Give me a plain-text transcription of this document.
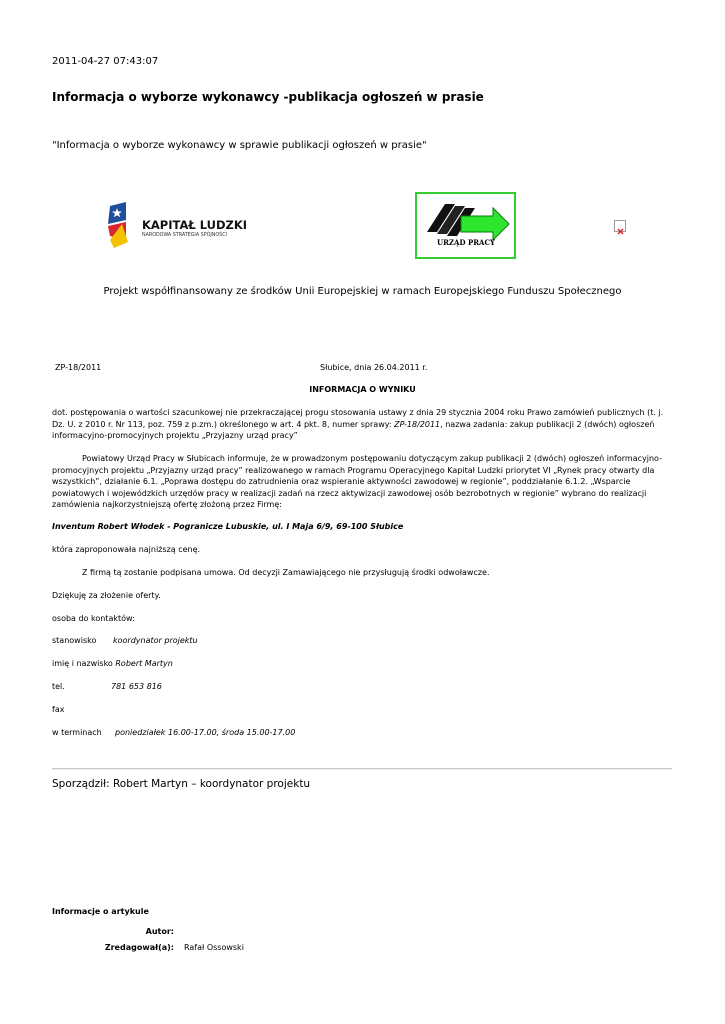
2011-04-27 07:43:07
Informacja o wyborze wykonawcy -publikacja ogłoszeń w prasie
"Informacja o wyborze wykonawcy w sprawie publikacji ogłoszeń w prasie"
KAPITAŁ LUDZKI
NARODOWA STRATEGIA SPÓJNOŚCI
URZĄD PRACY
Projekt współfinansowany ze środków Unii Europejskiej w ramach Europejskiego Funduszu Społecznego
ZP-18/2011	Słubice, dnia 26.04.2011 r.
INFORMACJA O WYNIKU
dot. postępowania o wartości szacunkowej nie przekraczającej progu stosowania ustawy z dnia 29 stycznia 2004 roku Prawo zamówień publicznych (t. j. Dz. U. z 2010 r. Nr 113, poz. 759 z p.zm.) określonego w art. 4 pkt. 8, numer sprawy: ZP-18/2011, nazwa zadania: zakup publikacji 2 (dwóch) ogłoszeń informacyjno-promocyjnych projektu „Przyjazny urząd pracy”
Powiatowy Urząd Pracy w Słubicach informuje, że w prowadzonym postępowaniu dotyczącym zakup publikacji 2 (dwóch) ogłoszeń informacyjno-promocyjnych projektu „Przyjazny urząd pracy” realizowanego w ramach Programu Operacyjnego Kapitał Ludzki priorytet VI „Rynek pracy otwarty dla wszystkich”, działanie 6.1. „Poprawa dostępu do zatrudnienia oraz wspieranie aktywności zawodowej w regionie”, poddziałanie 6.1.2. „Wsparcie powiatowych i wojewódzkich urzędów pracy w realizacji zadań na rzecz aktywizacji zawodowej osób bezrobotnych w regionie” wybrano do realizacji zamówienia najkorzystniejszą ofertę złożoną przez Firmę:
Inventum Robert Włodek - Pogranicze Lubuskie, ul. I Maja 6/9, 69-100 Słubice
która zaproponowała najniższą cenę.
Z firmą tą zostanie podpisana umowa. Od decyzji Zamawiającego nie przysługują środki odwoławcze.
Dziękuję za złożenie oferty.
osoba do kontaktów:
stanowisko koordynator projektu
imię i nazwisko Robert Martyn
tel.	781 653 816
fax
w terminach poniedziałek 16.00-17.00, środa 15.00-17.00
Sporządził: Robert Martyn – koordynator projektu
Informacje o artykule
Autor:
Zredagował(a): Rafał Ossowski
